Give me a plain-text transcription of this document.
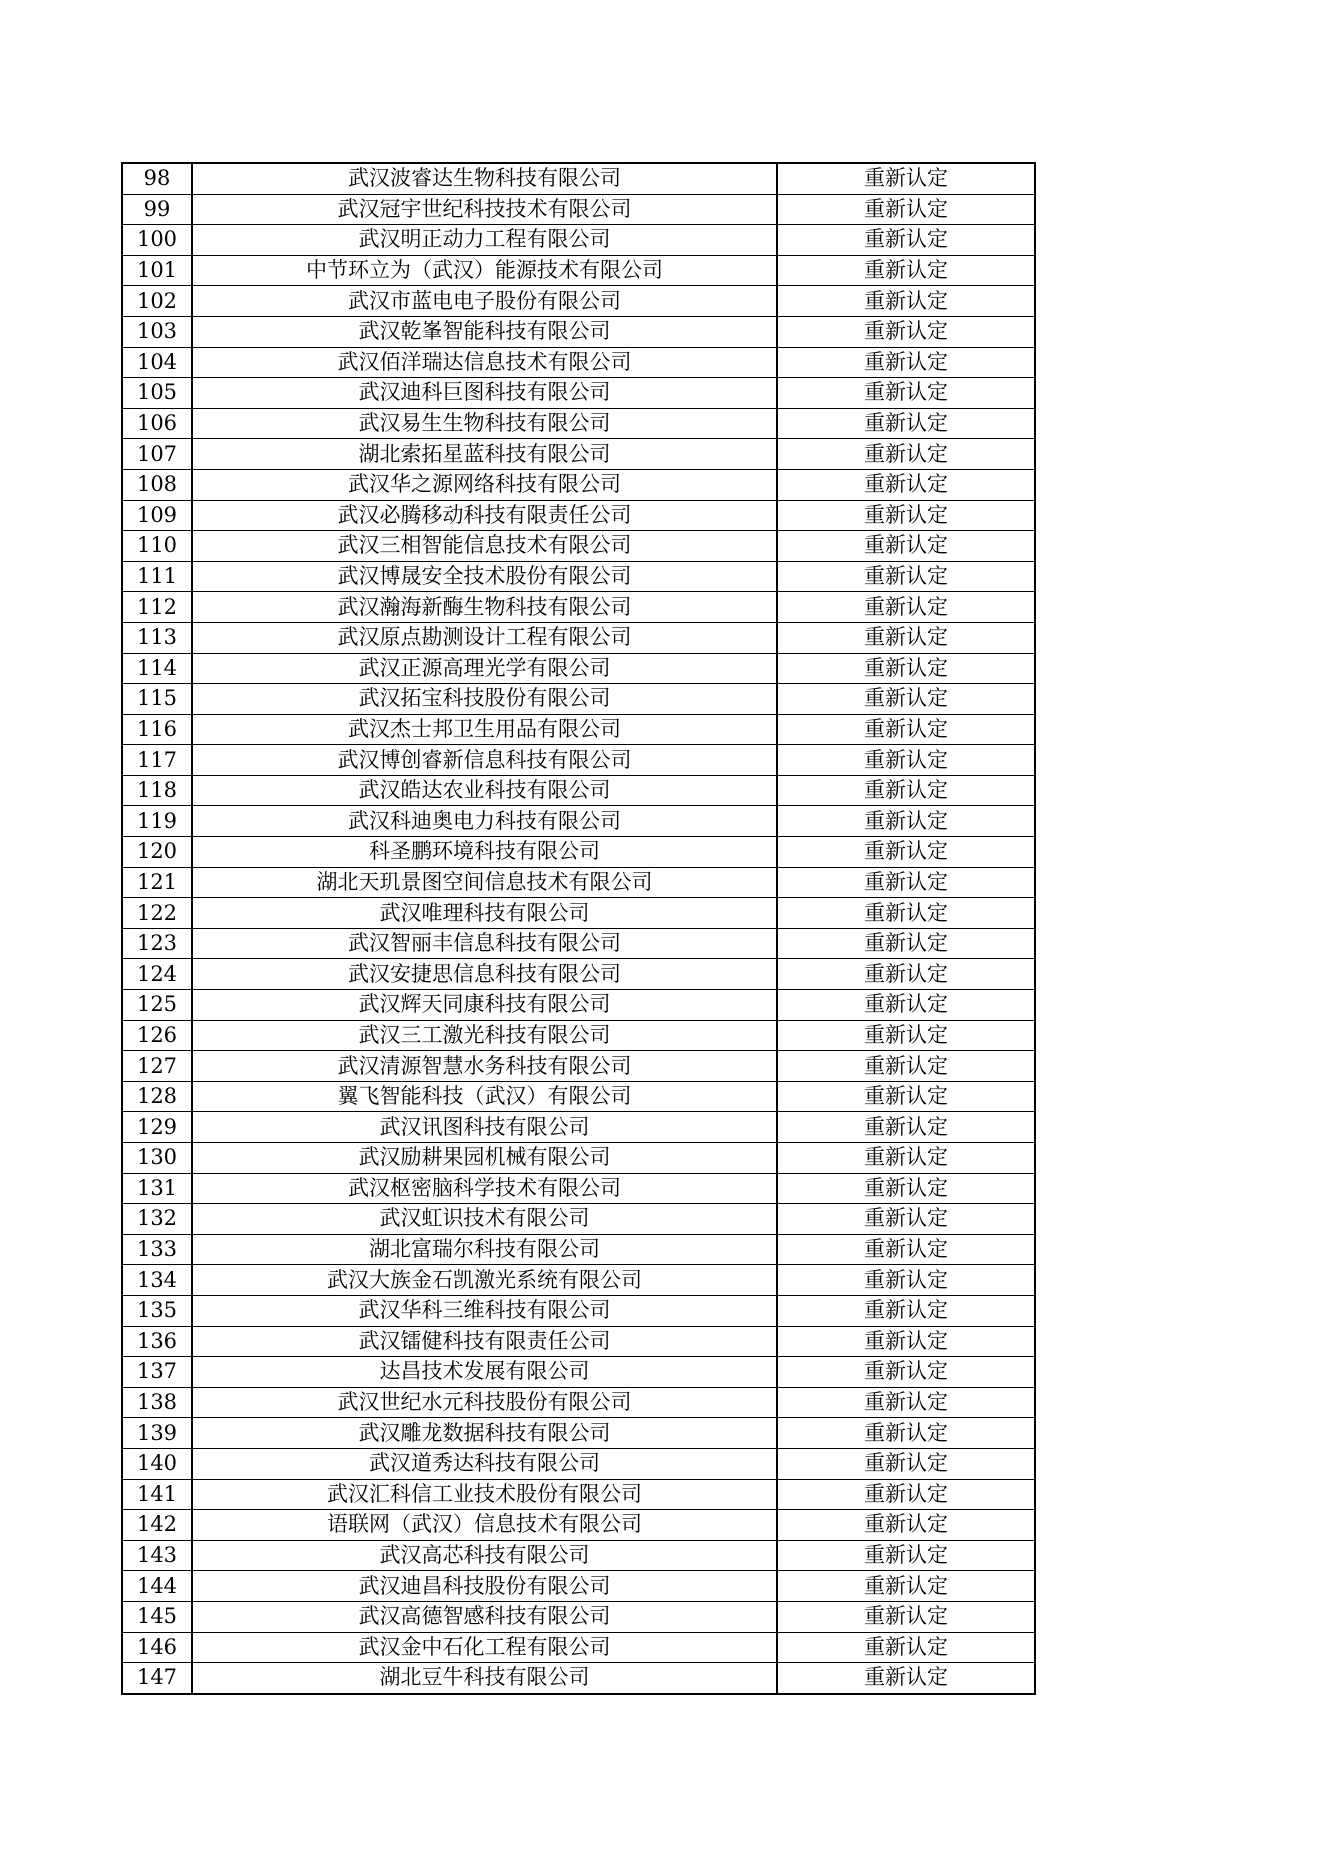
98	武汉波睿达生物科技有限公司	重新认定
99	武汉冠宇世纪科技技术有限公司	重新认定
100	武汉明正动力工程有限公司	重新认定
101	中节环立为（武汉）能源技术有限公司	重新认定
102	武汉市蓝电电子股份有限公司	重新认定
103	武汉乾峯智能科技有限公司	重新认定
104	武汉佰洋瑞达信息技术有限公司	重新认定
105	武汉迪科巨图科技有限公司	重新认定
106	武汉易生生物科技有限公司	重新认定
107	湖北索拓星蓝科技有限公司	重新认定
108	武汉华之源网络科技有限公司	重新认定
109	武汉必腾移动科技有限责任公司	重新认定
110	武汉三相智能信息技术有限公司	重新认定
111	武汉博晟安全技术股份有限公司	重新认定
112	武汉瀚海新酶生物科技有限公司	重新认定
113	武汉原点勘测设计工程有限公司	重新认定
114	武汉正源高理光学有限公司	重新认定
115	武汉拓宝科技股份有限公司	重新认定
116	武汉杰士邦卫生用品有限公司	重新认定
117	武汉博创睿新信息科技有限公司	重新认定
118	武汉皓达农业科技有限公司	重新认定
119	武汉科迪奥电力科技有限公司	重新认定
120	科圣鹏环境科技有限公司	重新认定
121	湖北天玑景图空间信息技术有限公司	重新认定
122	武汉唯理科技有限公司	重新认定
123	武汉智丽丰信息科技有限公司	重新认定
124	武汉安捷思信息科技有限公司	重新认定
125	武汉辉天同康科技有限公司	重新认定
126	武汉三工激光科技有限公司	重新认定
127	武汉清源智慧水务科技有限公司	重新认定
128	翼飞智能科技（武汉）有限公司	重新认定
129	武汉讯图科技有限公司	重新认定
130	武汉励耕果园机械有限公司	重新认定
131	武汉枢密脑科学技术有限公司	重新认定
132	武汉虹识技术有限公司	重新认定
133	湖北富瑞尔科技有限公司	重新认定
134	武汉大族金石凯激光系统有限公司	重新认定
135	武汉华科三维科技有限公司	重新认定
136	武汉镭健科技有限责任公司	重新认定
137	达昌技术发展有限公司	重新认定
138	武汉世纪水元科技股份有限公司	重新认定
139	武汉雕龙数据科技有限公司	重新认定
140	武汉道秀达科技有限公司	重新认定
141	武汉汇科信工业技术股份有限公司	重新认定
142	语联网（武汉）信息技术有限公司	重新认定
143	武汉高芯科技有限公司	重新认定
144	武汉迪昌科技股份有限公司	重新认定
145	武汉高德智感科技有限公司	重新认定
146	武汉金中石化工程有限公司	重新认定
147	湖北豆牛科技有限公司	重新认定
